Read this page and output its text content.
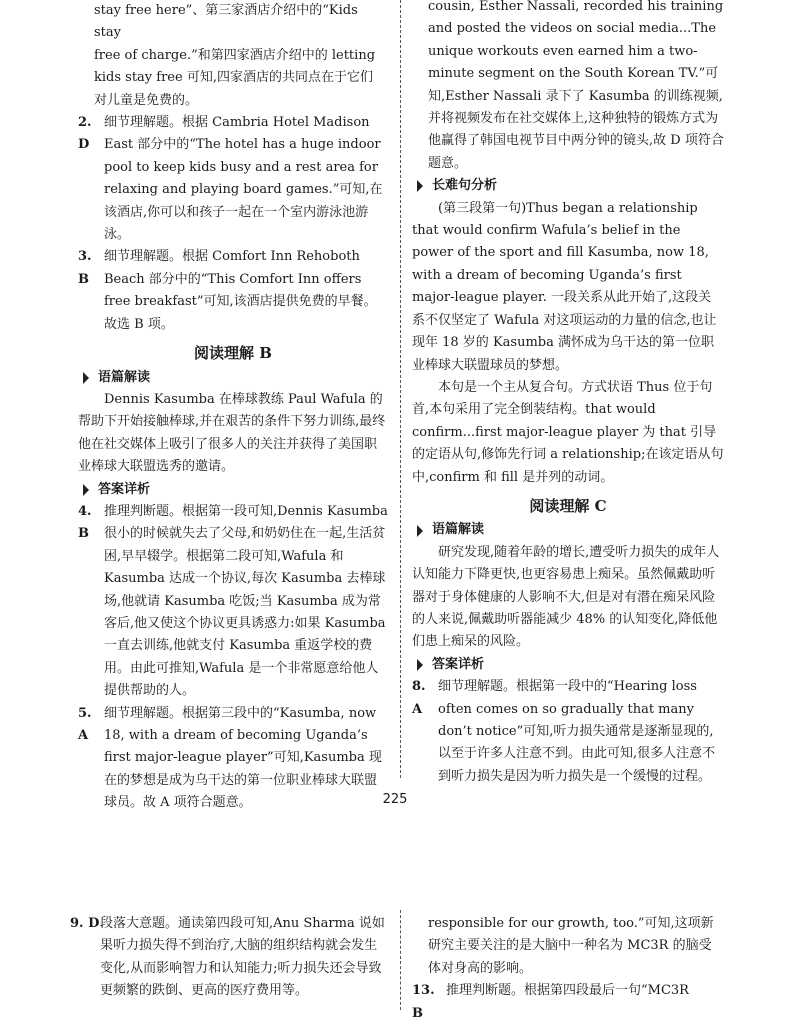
stay free here”、第三家酒店介绍中的“Kids stay

free of charge.”和第四家酒店介绍中的 letting

kids stay free 可知,四家酒店的共同点在于它们

对儿童是免费的。

2. D
细节理解题。根据 Cambria Hotel Madison East 部分中的“The hotel has a huge indoor pool to keep kids busy and a rest area for relaxing and playing board games.”可知,在该酒店,你可以和孩子一起在一个室内游泳池游泳。
3. B
细节理解题。根据 Comfort Inn Rehoboth Beach 部分中的“This Comfort Inn offers free breakfast”可知,该酒店提供免费的早餐。故选 B 项。
阅读理解 B
语篇解读

Dennis Kasumba 在棒球教练 Paul Wafula 的帮助下开始接触棒球,并在艰苦的条件下努力训练,最终他在社交媒体上吸引了很多人的关注并获得了美国职业棒球大联盟选秀的邀请。

答案详析
4. B
推理判断题。根据第一段可知,Dennis Kasumba 很小的时候就失去了父母,和奶奶住在一起,生活贫困,早早辍学。根据第二段可知,Wafula 和 Kasumba 达成一个协议,每次 Kasumba 去棒球场,他就请 Kasumba 吃饭;当 Kasumba 成为常客后,他又使这个协议更具诱惑力:如果 Kasumba 一直去训练,他就支付 Kasumba 重返学校的费用。由此可推知,Wafula 是一个非常愿意给他人提供帮助的人。
5. A
细节理解题。根据第三段中的“Kasumba, now 18, with a dream of becoming Uganda’s first major-league player”可知,Kasumba 现在的梦想是成为乌干达的第一位职业棒球大联盟球员。故 A 项符合题意。

cousin, Esther Nassali, recorded his training and posted the videos on social media...The unique workouts even earned him a two-minute segment on the South Korean TV.”可知,Esther Nassali 录下了 Kasumba 的训练视频,并将视频发布在社交媒体上,这种独特的锻炼方式为他赢得了韩国电视节目中两分钟的镜头,故 D 项符合题意。

长难句分析

(第三段第一句)Thus began a relationship that would confirm Wafula’s belief in the power of the sport and fill Kasumba, now 18, with a dream of becoming Uganda’s first major-league player. 一段关系从此开始了,这段关系不仅坚定了 Wafula 对这项运动的力量的信念,也让现年 18 岁的 Kasumba 满怀成为乌干达的第一位职业棒球大联盟球员的梦想。

本句是一个主从复合句。方式状语 Thus 位于句首,本句采用了完全倒装结构。that would confirm...first major-league player 为 that 引导的定语从句,修饰先行词 a relationship;在该定语从句中,confirm 和 fill 是并列的动词。

阅读理解 C
语篇解读

研究发现,随着年龄的增长,遭受听力损失的成年人认知能力下降更快,也更容易患上痴呆。虽然佩戴助听器对于身体健康的人影响不大,但是对有潜在痴呆风险的人来说,佩戴助听器能减少 48% 的认知变化,降低他们患上痴呆的风险。

答案详析
8. A
细节理解题。根据第一段中的“Hearing loss often comes on so gradually that many don’t notice”可知,听力损失通常是逐渐显现的,以至于许多人注意不到。由此可知,很多人注意不到听力损失是因为听力损失是一个缓慢的过程。
225
9. D 段落大意题。通读第四段可知,Anu Sharma 说如果听力损失得不到治疗,大脑的组织结构就会发生变化,从而影响智力和认知能力;听力损失还会导致更频繁的跌倒、更高的医疗费用等。

responsible for our growth, too.”可知,这项新研究主要关注的是大脑中一种名为 MC3R 的脑受体对身高的影响。

13. B
推理判断题。根据第四段最后一句“MC3R
